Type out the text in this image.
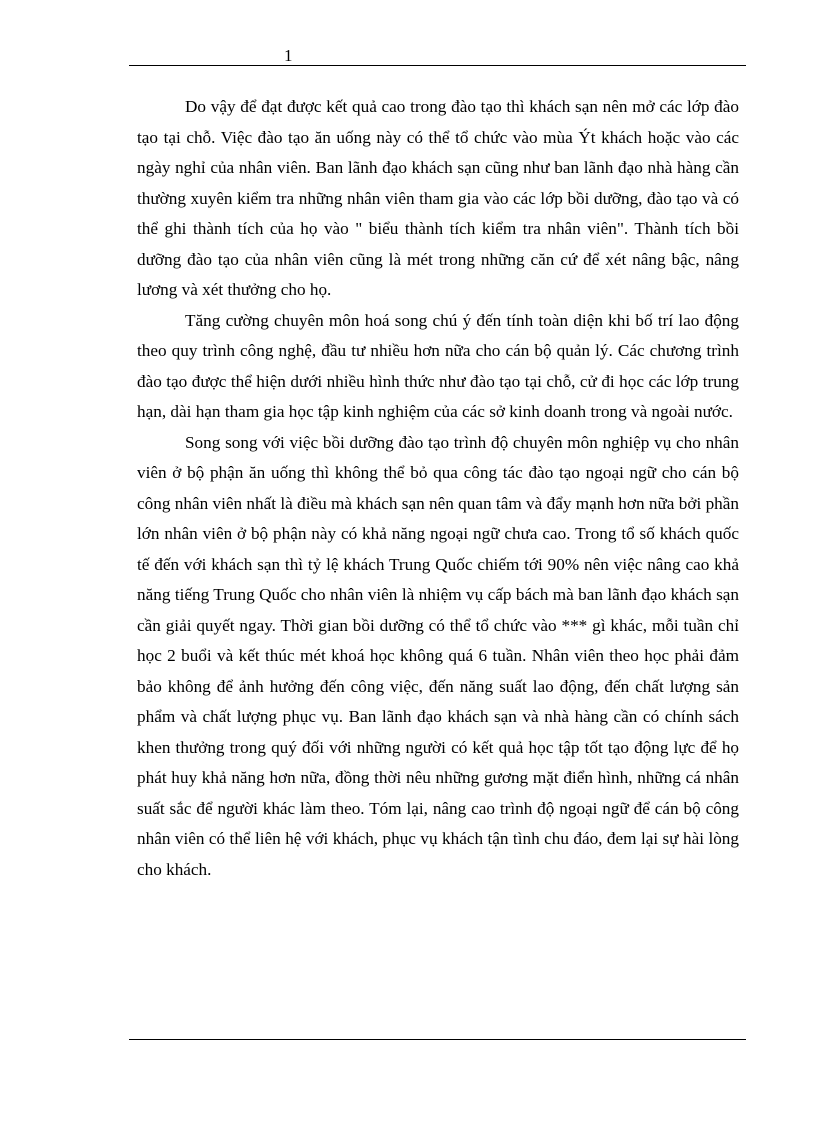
1

Do vậy để đạt được kết quả cao trong đào tạo thì khách sạn nên mở các lớp đào tạo tại chỗ. Việc đào tạo ăn uống này có thể tổ chức vào mùa Ýt khách hoặc vào các ngày nghỉ của nhân viên. Ban lãnh đạo khách sạn cũng như ban lãnh đạo nhà hàng cần thường xuyên kiểm tra những nhân viên tham gia vào các lớp bồi dưỡng, đào tạo và có thể ghi thành tích của họ vào " biểu thành tích kiểm tra nhân viên". Thành tích bồi dưỡng đào tạo của nhân viên cũng là mét trong những căn cứ để xét nâng bậc, nâng lương và xét thưởng cho họ.

Tăng cường chuyên môn hoá song chú ý đến tính toàn diện khi bố trí lao động theo quy trình công nghệ, đầu tư nhiều hơn nữa cho cán bộ quản lý. Các chương trình đào tạo được thể hiện dưới nhiều hình thức như đào tạo tại chỗ, cử đi học các lớp trung hạn, dài hạn tham gia học tập kinh nghiệm của các sở kinh doanh trong và ngoài nước.

Song song với việc bồi dưỡng đào tạo trình độ chuyên môn nghiệp vụ cho nhân viên ở bộ phận ăn uống thì không thể bỏ qua công tác đào tạo ngoại ngữ cho cán bộ công nhân viên nhất là điều mà khách sạn nên quan tâm và đẩy mạnh hơn nữa bởi phần lớn nhân viên ở bộ phận này có khả năng ngoại ngữ chưa cao. Trong tổ số khách quốc tế đến với khách sạn thì tỷ lệ khách Trung Quốc chiếm tới 90% nên việc nâng cao khả năng tiếng Trung Quốc cho nhân viên là nhiệm vụ cấp bách mà ban lãnh đạo khách sạn cần giải quyết ngay. Thời gian bồi dưỡng có thể tổ chức vào *** gì khác, mỗi tuần chỉ học 2 buổi và kết thúc mét khoá học không quá 6 tuần. Nhân viên theo học phải đảm bảo không để ảnh hưởng đến công việc, đến năng suất lao động, đến chất lượng sản phẩm và chất lượng phục vụ. Ban lãnh đạo khách sạn và nhà hàng cần có chính sách khen thưởng trong quý đối với những người có kết quả học tập tốt tạo động lực để họ phát huy khả năng hơn nữa, đồng thời nêu những gương mặt điển hình, những cá nhân suất sắc để người khác làm theo. Tóm lại, nâng cao trình độ ngoại ngữ để cán bộ công nhân viên có thể liên hệ với khách, phục vụ khách tận tình chu đáo, đem lại sự hài lòng cho khách.
